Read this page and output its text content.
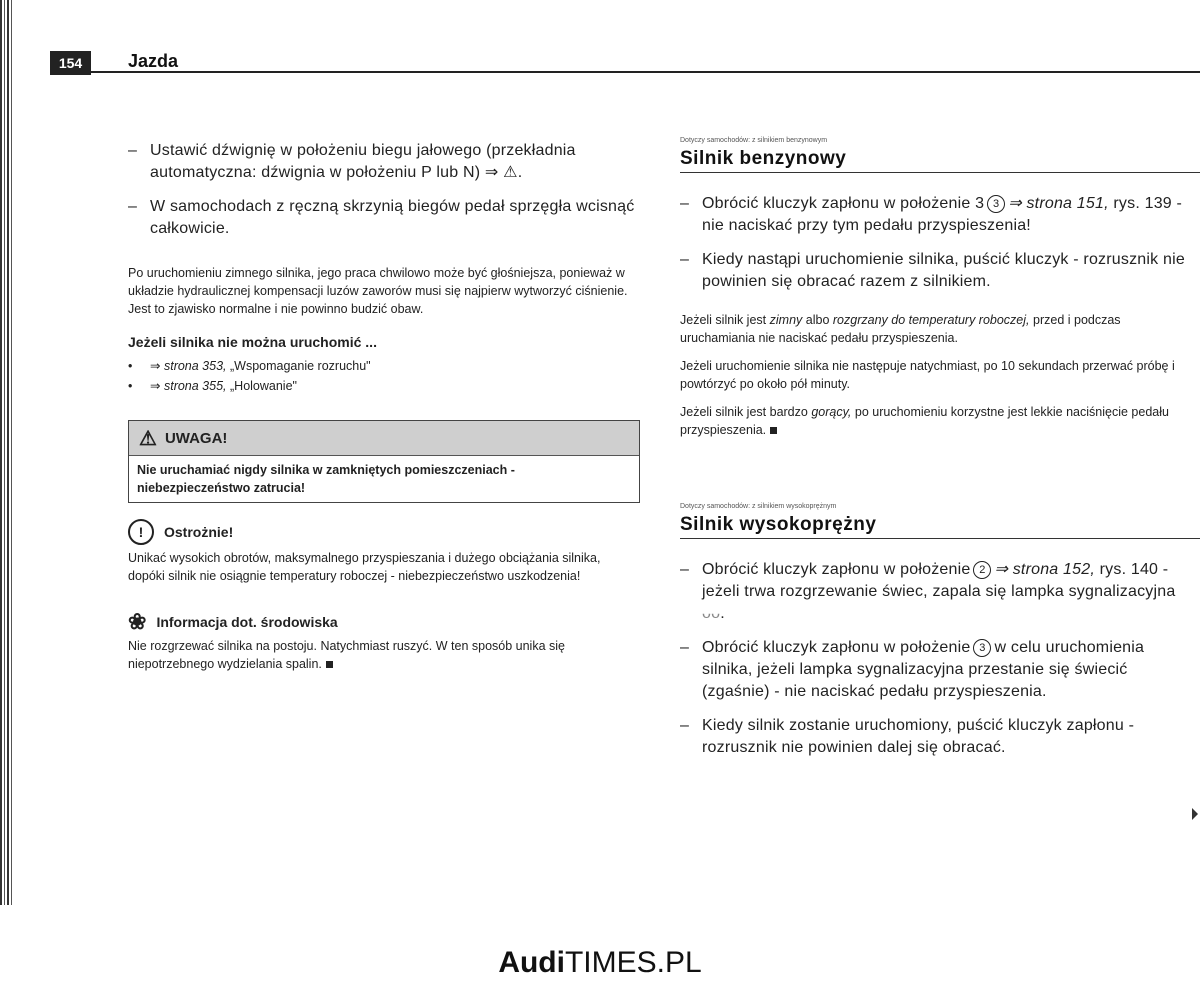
154	Jazda
– Ustawić dźwignię w położeniu biegu jałowego (przekładnia automatyczna: dźwignia w położeniu P lub N) ⇒ ⚠.
– W samochodach z ręczną skrzynią biegów pedał sprzęgła wcisnąć całkowicie.

Po uruchomieniu zimnego silnika, jego praca chwilowo może być głośniejsza, ponieważ w układzie hydraulicznej kompensacji luzów zaworów musi się najpierw wytworzyć ciśnienie. Jest to zjawisko normalne i nie powinno budzić obaw.

Jeżeli silnika nie można uruchomić ...
•	⇒ strona 353, „Wspomaganie rozruchu"
•	⇒ strona 355, „Holowanie"
⚠ UWAGA!
Nie uruchamiać nigdy silnika w zamkniętych pomieszczeniach - niebezpieczeństwo zatrucia!
!	Ostrożnie!

Unikać wysokich obrotów, maksymalnego przyspieszania i dużego obciążania silnika, dopóki silnik nie osiągnie temperatury roboczej - niebezpieczeństwo uszkodzenia!

❀ Informacja dot. środowiska

Nie rozgrzewać silnika na postoju. Natychmiast ruszyć. W ten sposób unika się niepotrzebnego wydzielania spalin.

Dotyczy samochodów: z silnikiem benzynowym
Silnik benzynowy
– Obrócić kluczyk zapłonu w położenie 3 3 ⇒ strona 151, rys. 139 - nie naciskać przy tym pedału przyspieszenia!
– Kiedy nastąpi uruchomienie silnika, puścić kluczyk - rozrusznik nie powinien się obracać razem z silnikiem.

Jeżeli silnik jest zimny albo rozgrzany do temperatury roboczej, przed i podczas uruchamiania nie naciskać pedału przyspieszenia.

Jeżeli uruchomienie silnika nie następuje natychmiast, po 10 sekundach przerwać próbę i powtórzyć po około pół minuty.

Jeżeli silnik jest bardzo gorący, po uruchomieniu korzystne jest lekkie naciśnięcie pedału przyspieszenia.

Dotyczy samochodów: z silnikiem wysokoprężnym
Silnik wysokoprężny
– Obrócić kluczyk zapłonu w położenie 2 ⇒ strona 152, rys. 140 - jeżeli trwa rozgrzewanie świec, zapala się lampka sygnalizacyjna ᴗᴗ.
– Obrócić kluczyk zapłonu w położenie 3 w celu uruchomienia silnika, jeżeli lampka sygnalizacyjna przestanie się świecić (zgaśnie) - nie naciskać pedału przyspieszenia.
– Kiedy silnik zostanie uruchomiony, puścić kluczyk zapłonu - rozrusznik nie powinien dalej się obracać.
AudiTIMES.PL
